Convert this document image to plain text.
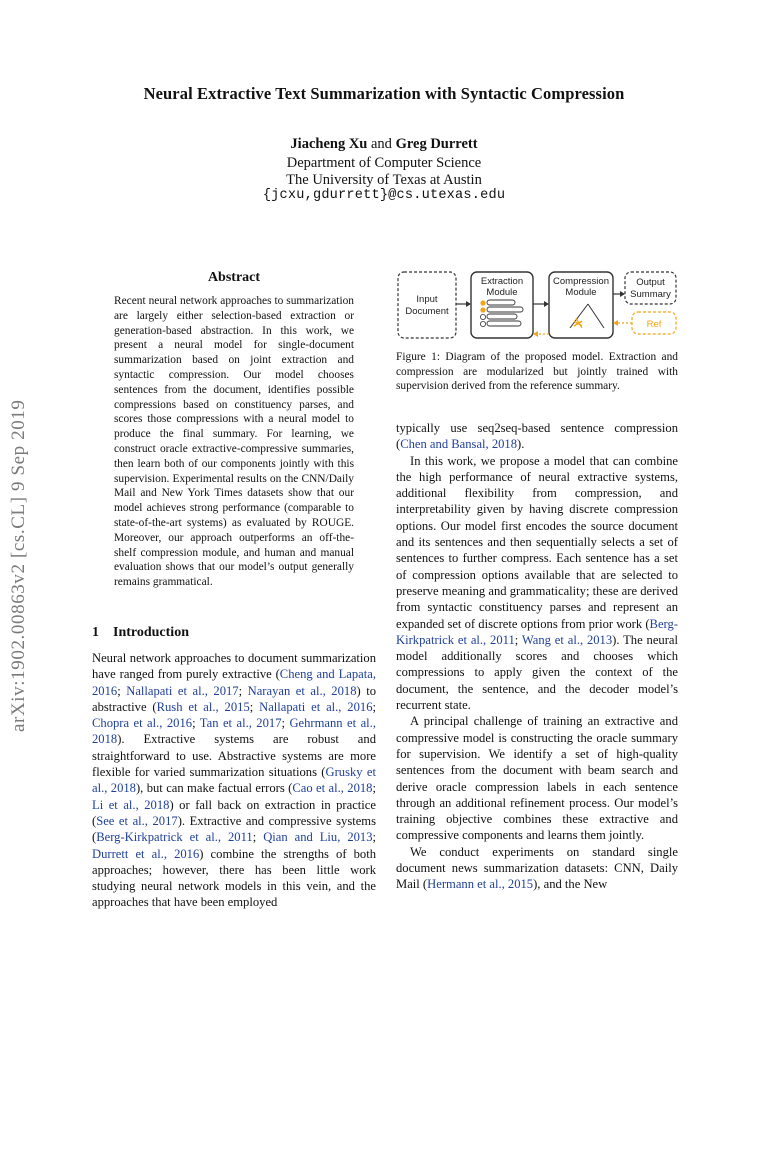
Neural Extractive Text Summarization with Syntactic Compression
Jiacheng Xu and Greg Durrett
Department of Computer Science
The University of Texas at Austin
{jcxu,gdurrett}@cs.utexas.edu
arXiv:1902.00863v2 [cs.CL] 9 Sep 2019
Abstract
Recent neural network approaches to summarization are largely either selection-based extraction or generation-based abstraction. In this work, we present a neural model for single-document summarization based on joint extraction and syntactic compression. Our model chooses sentences from the document, identifies possible compressions based on constituency parses, and scores those compressions with a neural model to produce the final summary. For learning, we construct oracle extractive-compressive summaries, then learn both of our components jointly with this supervision. Experimental results on the CNN/Daily Mail and New York Times datasets show that our model achieves strong performance (comparable to state-of-the-art systems) as evaluated by ROUGE. Moreover, our approach outperforms an off-the-shelf compression module, and human and manual evaluation shows that our model’s output generally remains grammatical.
1 Introduction

Neural network approaches to document summarization have ranged from purely extractive (Cheng and Lapata, 2016; Nallapati et al., 2017; Narayan et al., 2018) to abstractive (Rush et al., 2015; Nallapati et al., 2016; Chopra et al., 2016; Tan et al., 2017; Gehrmann et al., 2018). Extractive systems are robust and straightforward to use. Abstractive systems are more flexible for varied summarization situations (Grusky et al., 2018), but can make factual errors (Cao et al., 2018; Li et al., 2018) or fall back on extraction in practice (See et al., 2017). Extractive and compressive systems (Berg-Kirkpatrick et al., 2011; Qian and Liu, 2013; Durrett et al., 2016) combine the strengths of both approaches; however, there has been little work studying neural network models in this vein, and the approaches that have been employed

Input
Document
Extraction
Module
Compression
Module
Output
Summary
Ref
Figure 1: Diagram of the proposed model. Extraction and compression are modularized but jointly trained with supervision derived from the reference summary.

typically use seq2seq-based sentence compression (Chen and Bansal, 2018).

In this work, we propose a model that can combine the high performance of neural extractive systems, additional flexibility from compression, and interpretability given by having discrete compression options. Our model first encodes the source document and its sentences and then sequentially selects a set of sentences to further compress. Each sentence has a set of compression options available that are selected to preserve meaning and grammaticality; these are derived from syntactic constituency parses and represent an expanded set of discrete options from prior work (Berg-Kirkpatrick et al., 2011; Wang et al., 2013). The neural model additionally scores and chooses which compressions to apply given the context of the document, the sentence, and the decoder model’s recurrent state.

A principal challenge of training an extractive and compressive model is constructing the oracle summary for supervision. We identify a set of high-quality sentences from the document with beam search and derive oracle compression labels in each sentence through an additional refinement process. Our model’s training objective combines these extractive and compressive components and learns them jointly.

We conduct experiments on standard single document news summarization datasets: CNN, Daily Mail (Hermann et al., 2015), and the New
